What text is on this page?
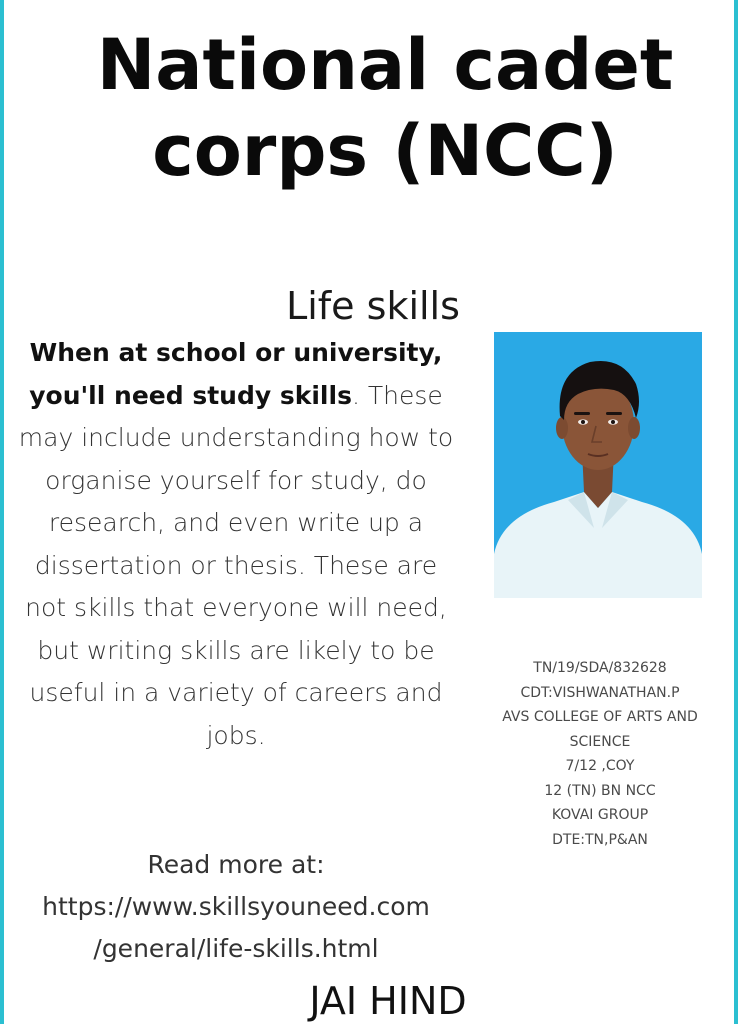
National cadet
corps (NCC)
Life skills
When at school or university, you'll need study skills. These may include understanding how to organise yourself for study, do research, and even write up a dissertation or thesis. These are not skills that everyone will need, but writing skills are likely to be useful in a variety of careers and jobs.
Read more at:
https://www.skillsyouneed.com
/general/life-skills.html
TN/19/SDA/832628
CDT:VISHWANATHAN.P
AVS COLLEGE OF ARTS AND
SCIENCE
7/12 ,COY
12 (TN) BN NCC
KOVAI GROUP
DTE:TN,P&AN
JAI HIND
